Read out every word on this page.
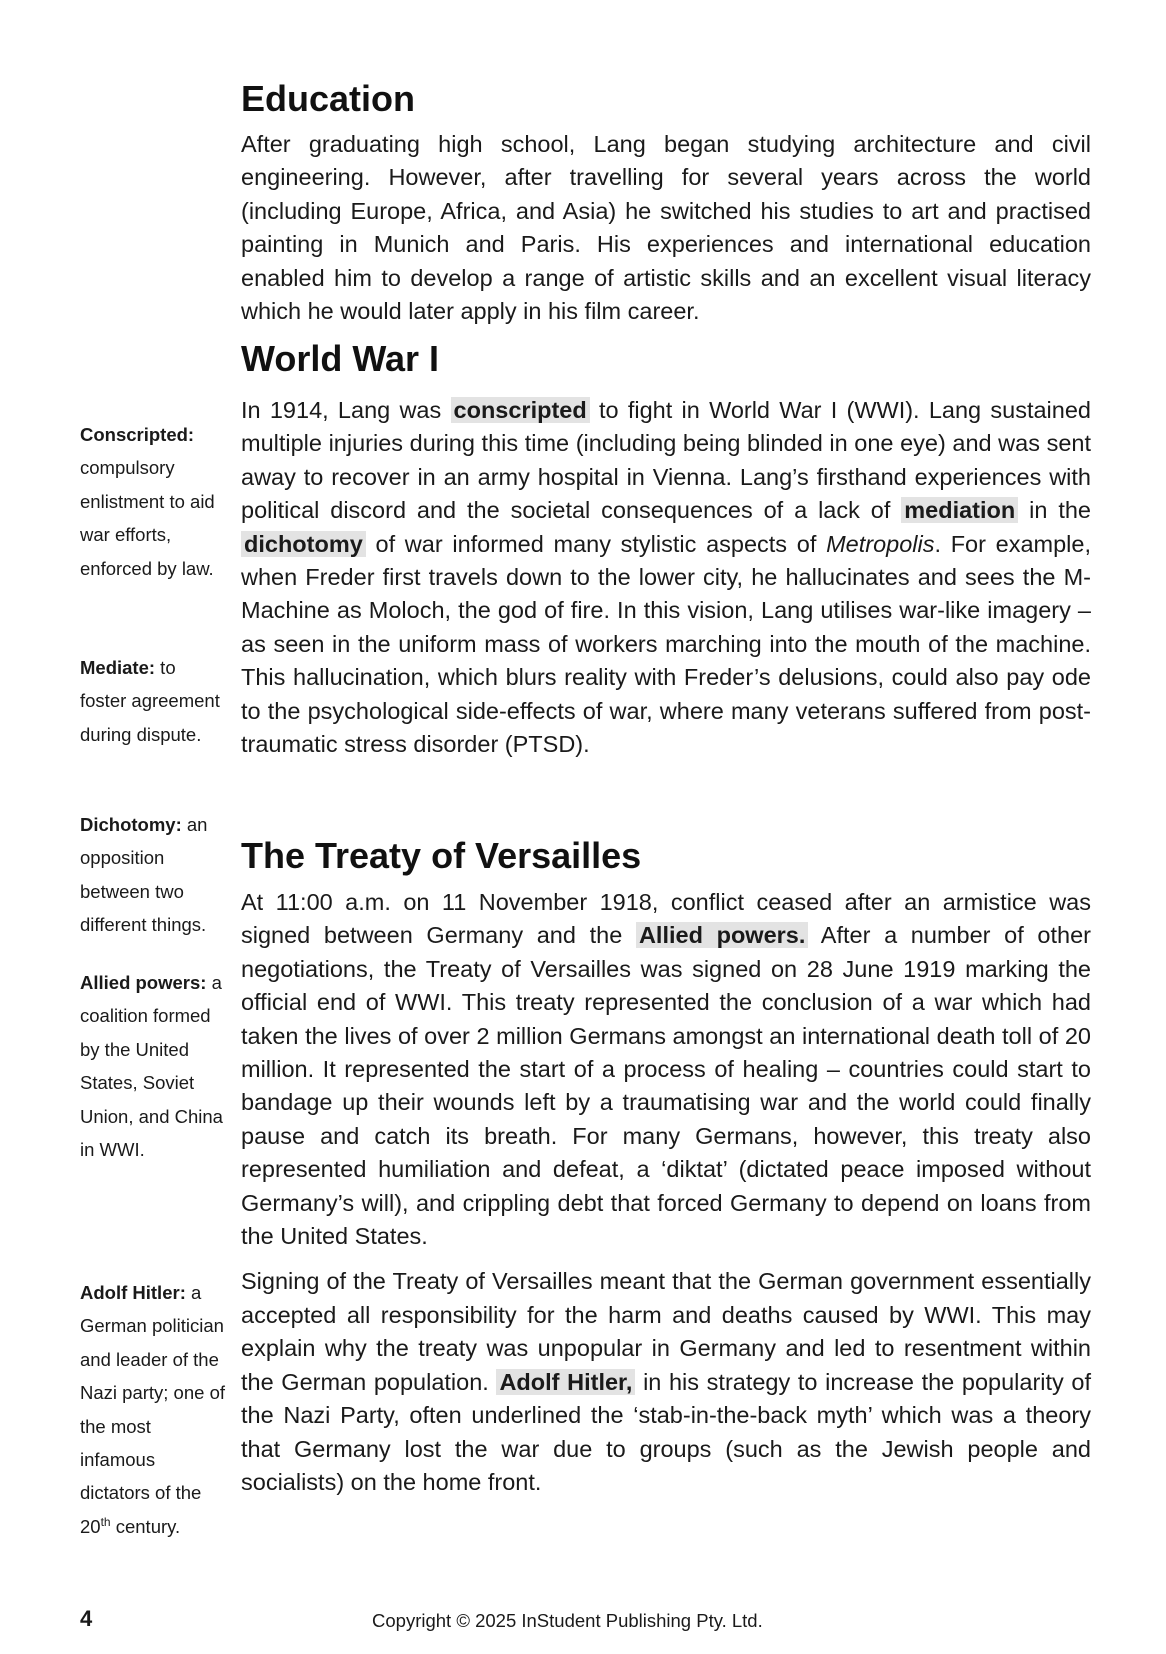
Education

After graduating high school, Lang began studying architecture and civil engineering. However, after travelling for several years across the world (including Europe, Africa, and Asia) he switched his studies to art and practised painting in Munich and Paris. His experiences and international education enabled him to develop a range of artistic skills and an excellent visual literacy which he would later apply in his film career.

World War I

In 1914, Lang was conscripted to fight in World War I (WWI). Lang sustained multiple injuries during this time (including being blinded in one eye) and was sent away to recover in an army hospital in Vienna. Lang’s firsthand experiences with political discord and the societal consequences of a lack of mediation in the dichotomy of war informed many stylistic aspects of Metropolis. For example, when Freder first travels down to the lower city, he hallucinates and sees the M-Machine as Moloch, the god of fire. In this vision, Lang utilises war-like imagery – as seen in the uniform mass of workers marching into the mouth of the machine. This hallucination, which blurs reality with Freder’s delusions, could also pay ode to the psychological side-effects of war, where many veterans suffered from post-traumatic stress disorder (PTSD).

The Treaty of Versailles

At 11:00 a.m. on 11 November 1918, conflict ceased after an armistice was signed between Germany and the Allied powers. After a number of other negotiations, the Treaty of Versailles was signed on 28 June 1919 marking the official end of WWI. This treaty represented the conclusion of a war which had taken the lives of over 2 million Germans amongst an international death toll of 20 million. It represented the start of a process of healing – countries could start to bandage up their wounds left by a traumatising war and the world could finally pause and catch its breath. For many Germans, however, this treaty also represented humiliation and defeat, a ‘diktat’ (dictated peace imposed without Germany’s will), and crippling debt that forced Germany to depend on loans from the United States.

Signing of the Treaty of Versailles meant that the German government essentially accepted all responsibility for the harm and deaths caused by WWI. This may explain why the treaty was unpopular in Germany and led to resentment within the German population. Adolf Hitler, in his strategy to increase the popularity of the Nazi Party, often underlined the ‘stab-in-the-back myth’ which was a theory that Germany lost the war due to groups (such as the Jewish people and socialists) on the home front.

Conscripted: compulsory enlistment to aid war efforts, enforced by law.

Mediate: to foster agreement during dispute.

Dichotomy: an opposition between two different things.

Allied powers: a coalition formed by the United States, Soviet Union, and China in WWI.

Adolf Hitler: a German politician and leader of the Nazi party; one of the most infamous dictators of the 20th century.

4	Copyright © 2025 InStudent Publishing Pty. Ltd.
